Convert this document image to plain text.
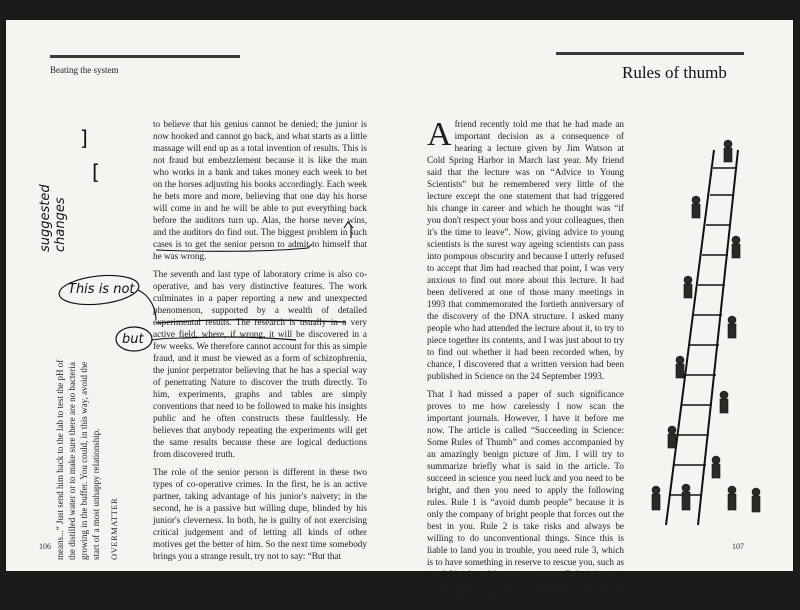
Beating the system	Rules of thumb
means...” Just send him back to the lab to test the pH of the distilled water or to make sure there are no bacteria growing in the buffer. You could, in this way, avoid the start of a most unhappy relationship. OVERMATTER
suggested changes
]
[
This is not
but

to believe that his genius cannot be denied; the junior is now hooked and cannot go back, and what starts as a little massage will end up as a total invention of results. This is not fraud but embezzlement because it is like the man who works in a bank and takes money each week to bet on the horses adjusting his books accordingly. Each week he bets more and more, believing that one day his horse will come in and he will be able to put everything back before the auditors turn up. Alas, the horse never wins, and the auditors do find out. The biggest problem in such cases is to get the senior person to admit to himself that he was wrong.

The seventh and last type of laboratory crime is also co-operative, and has very distinctive features. The work culminates in a paper reporting a new and unexpected phenomenon, supported by a wealth of detailed experimental results. The research is usually in a very active field, where, if wrong, it will be discovered in a few weeks. We therefore cannot account for this as simple fraud, and it must be viewed as a form of schizophrenia, the junior perpetrator believing that he has a special way of penetrating Nature to discover the truth directly. To him, experiments, graphs and tables are simply conventions that need to be followed to make his insights public and he often constructs these faultlessly. He believes that anybody repeating the experiments will get the same results because these are logical deductions from discovered truth.

The role of the senior person is different in these two types of co-operative crimes. In the first, he is an active partner, taking advantage of his junior's naivety; in the second, he is a passive but willing dupe, blinded by his junior's cleverness. In both, he is guilty of not exercising critical judgement and of letting all kinds of other motives get the better of him. So the next time somebody brings you a strange result, try not to say: “But that

Afriend recently told me that he had made an important decision as a consequence of hearing a lecture given by Jim Watson at Cold Spring Harbor in March last year. My friend said that the lecture was on “Advice to Young Scientists” but he remembered very little of the lecture except the one statement that had triggered his change in career and which he thought was “if you don't respect your boss and your colleagues, then it's the time to leave”. Now, giving advice to young scientists is the surest way ageing scientists can pass into pompous obscurity and because I utterly refused to accept that Jim had reached that point, I was very anxious to find out more about this lecture. It had been delivered at one of those many meetings in 1993 that commemorated the fortieth anniversary of the discovery of the DNA structure. I asked many people who had attended the lecture about it, to try to piece together its contents, and I was just about to try to find out whether it had been recorded when, by chance, I discovered that a written version had been published in Science on the 24 September 1993.

That I had missed a paper of such significance proves to me how carelessly I now scan the important journals. However, I have it before me now. The article is called “Succeeding in Science: Some Rules of Thumb” and comes accompanied by an amazingly benign picture of Jim. I will try to summarize briefly what is said in the article. To succeed in science you need luck and you need to be bright, and then you need to apply the following rules. Rule 1 is “avoid dumb people” because it is only the company of bright people that forces out the best in you. Rule 2 is take risks and always be willing to do unconventional things. Since this is liable to land you in trouble, you need rule 3, which is to have something in reserve to rescue you, such as good friends and important patrons. Rule 4 is never do anything that bores you, especially if people tell you it will be good for

106	107
